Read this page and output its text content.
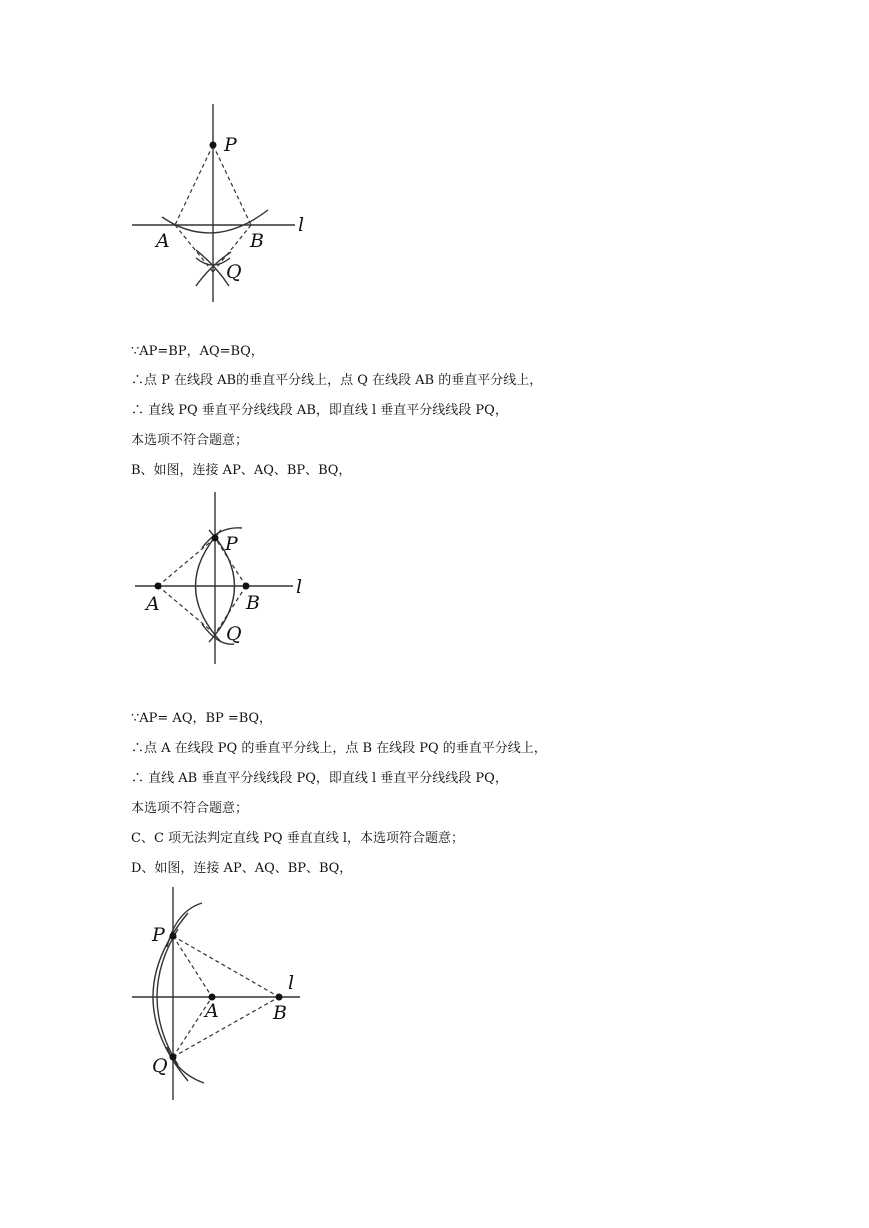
P
A	B
Q
l
∵AP=BP，AQ=BQ，
∴点 P 在线段 AB的垂直平分线上，点 Q 在线段 AB 的垂直平分线上，
∴ 直线 PQ 垂直平分线线段 AB，即直线 l 垂直平分线线段 PQ，
本选项不符合题意；
B、如图，连接 AP、AQ、BP、BQ，
P
A	B
Q
l
∵AP= AQ，BP =BQ，
∴点 A 在线段 PQ 的垂直平分线上，点 B 在线段 PQ 的垂直平分线上，
∴ 直线 AB 垂直平分线线段 PQ，即直线 l 垂直平分线线段 PQ，
本选项不符合题意；
C、C 项无法判定直线 PQ 垂直直线 l，本选项符合题意；
D、如图，连接 AP、AQ、BP、BQ，
P
A	B
Q
l
